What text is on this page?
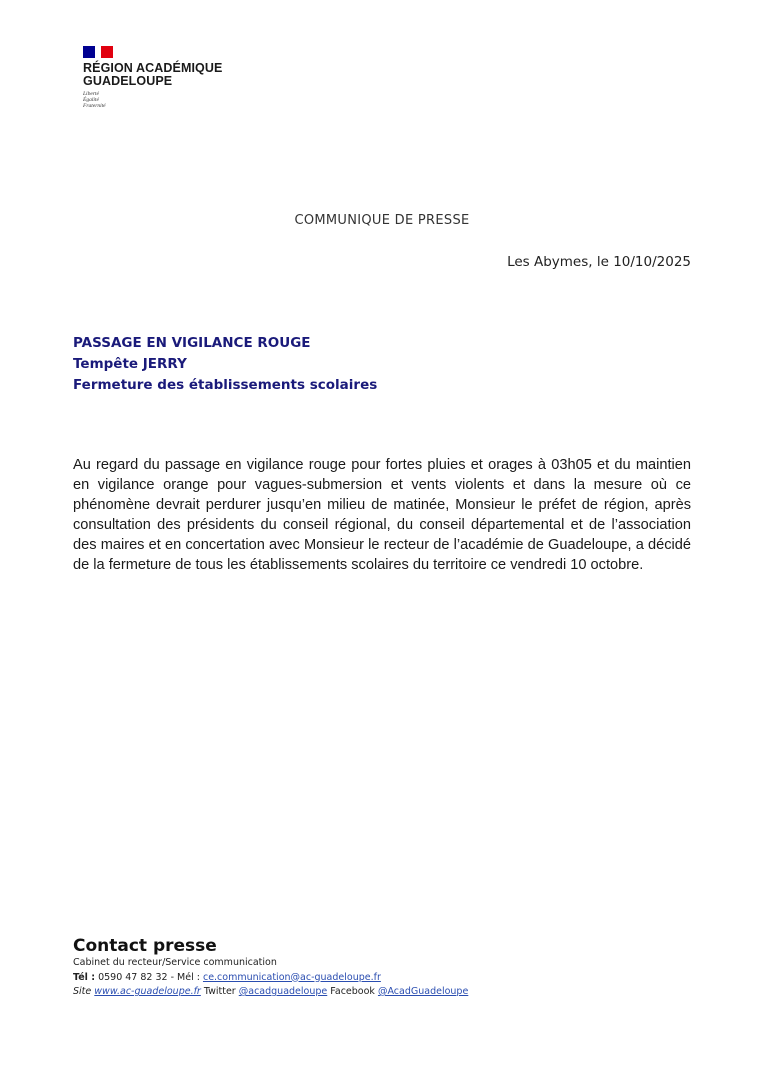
RÉGION ACADÉMIQUE
GUADELOUPE
Liberté
Égalité
Fraternité
COMMUNIQUE DE PRESSE
Les Abymes, le 10/10/2025
PASSAGE EN VIGILANCE ROUGE
Tempête JERRY
Fermeture des établissements scolaires
Au regard du passage en vigilance rouge pour fortes pluies et orages à 03h05 et du maintien en vigilance orange pour vagues-submersion et vents violents et dans la mesure où ce phénomène devrait perdurer jusqu’en milieu de matinée, Monsieur le préfet de région, après consultation des présidents du conseil régional, du conseil départemental et de l’association des maires et en concertation avec Monsieur le recteur de l’académie de Guadeloupe, a décidé de la fermeture de tous les établissements scolaires du territoire ce vendredi 10 octobre.
Contact presse
Cabinet du recteur/Service communication
Tél : 0590 47 82 32 - Mél : ce.communication@ac-guadeloupe.fr
Site www.ac-guadeloupe.fr Twitter @acadguadeloupe Facebook @AcadGuadeloupe
